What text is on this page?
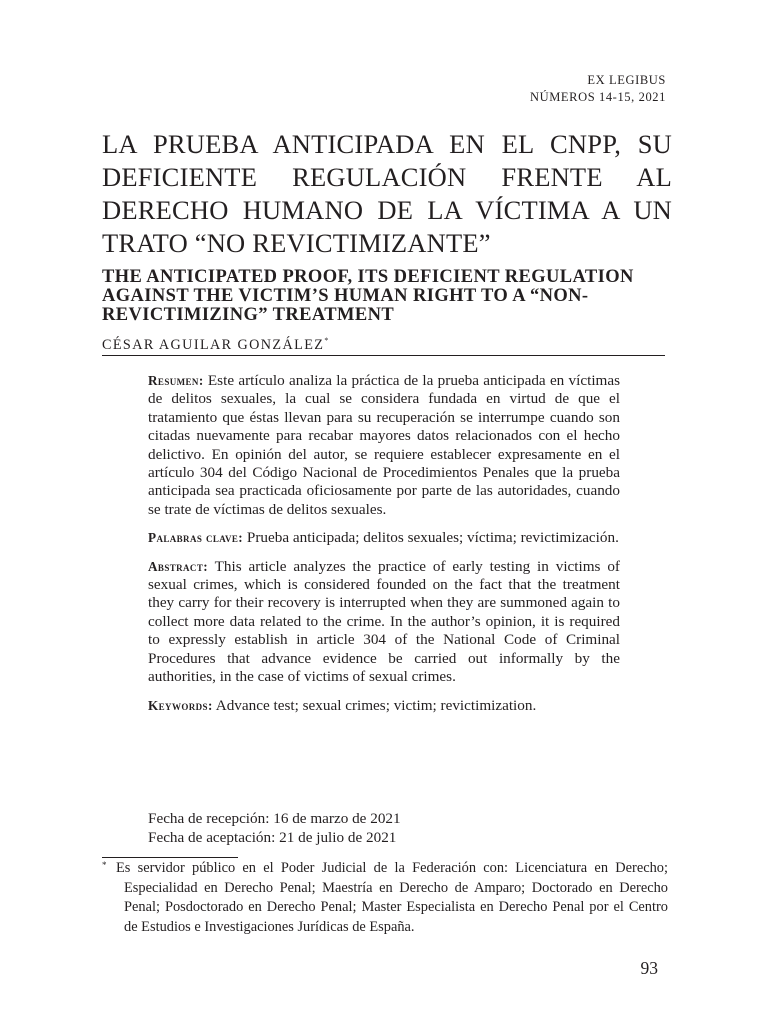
EX LEGIBUS
NÚMEROS 14-15, 2021
LA PRUEBA ANTICIPADA EN EL CNPP, SU DEFICIENTE REGULACIÓN FRENTE AL DERECHO HUMANO DE LA VÍCTIMA A UN TRATO “NO REVICTIMIZANTE”
THE ANTICIPATED PROOF, ITS DEFICIENT REGULATION AGAINST THE VICTIM’S HUMAN RIGHT TO A “NON-REVICTIMIZING” TREATMENT
CÉSAR AGUILAR GONZÁLEZ*

Resumen: Este artículo analiza la práctica de la prueba anticipada en víctimas de delitos sexuales, la cual se considera fundada en virtud de que el tratamiento que éstas llevan para su recuperación se interrumpe cuando son citadas nuevamente para recabar mayores datos relacionados con el hecho delictivo. En opinión del autor, se requiere establecer expresamente en el artículo 304 del Código Nacional de Procedimientos Penales que la prueba anticipada sea practicada oficiosamente por parte de las autoridades, cuando se trate de víctimas de delitos sexuales.

Palabras clave: Prueba anticipada; delitos sexuales; víctima; revictimización.

Abstract: This article analyzes the practice of early testing in victims of sexual crimes, which is considered founded on the fact that the treatment they carry for their recovery is interrupted when they are summoned again to collect more data related to the crime. In the author’s opinion, it is required to expressly establish in article 304 of the National Code of Criminal Procedures that advance evidence be carried out informally by the authorities, in the case of victims of sexual crimes.

Keywords: Advance test; sexual crimes; victim; revictimization.

Fecha de recepción: 16 de marzo de 2021
Fecha de aceptación: 21 de julio de 2021
* Es servidor público en el Poder Judicial de la Federación con: Licenciatura en Derecho; Especialidad en Derecho Penal; Maestría en Derecho de Amparo; Doctorado en Derecho Penal; Posdoctorado en Derecho Penal; Master Especialista en Derecho Penal por el Centro de Estudios e Investigaciones Jurídicas de España.
93
